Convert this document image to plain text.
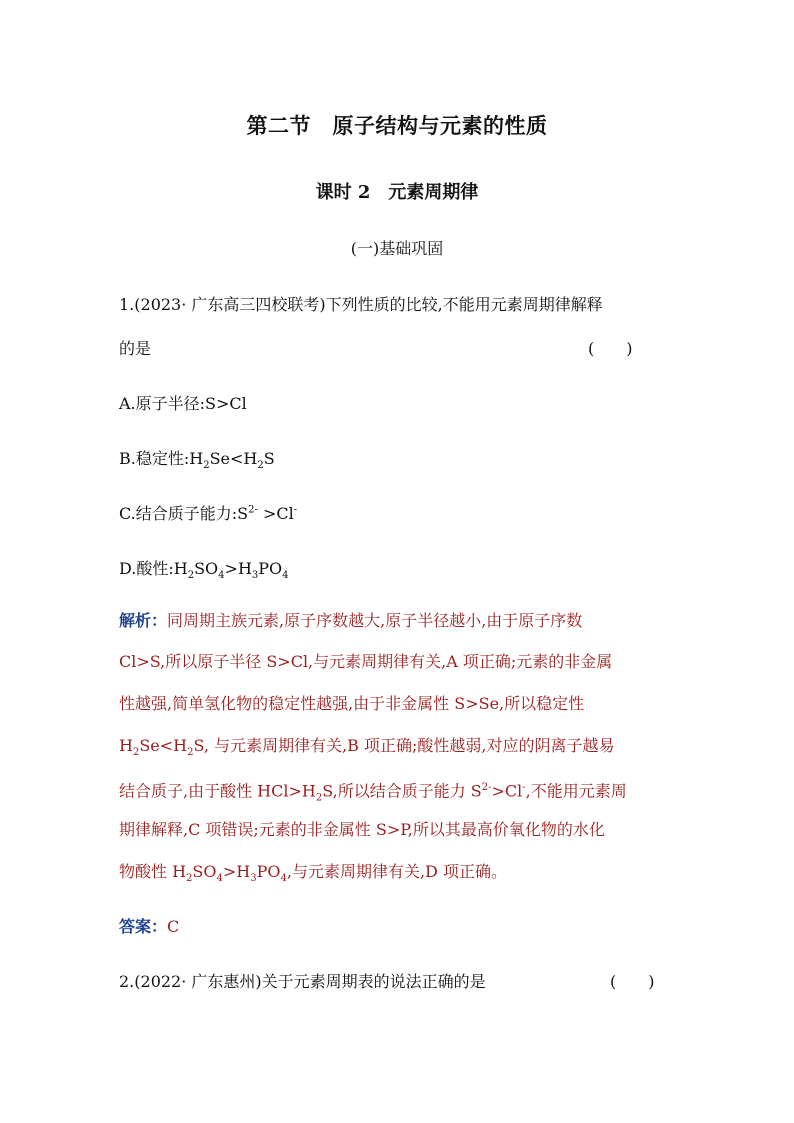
第二节　原子结构与元素的性质
课时 2　元素周期律
(一)基础巩固
1.(2023· 广东高三四校联考)下列性质的比较,不能用元素周期律解释
的是	(　　)
A.原子半径:S>Cl
B.稳定性$:H_2Se<H_2S$
C.结合质子能力$:S^{2-} >Cl^-$
D.酸性$:H_2SO_4>H_3PO_4$
解析：同周期主族元素,原子序数越大,原子半径越小,由于原子序数
Cl>S,所以原子半径 S>Cl,与元素周期律有关,A 项正确;元素的非金属
性越强,简单氢化物的稳定性越强,由于非金属性 S>Se,所以稳定性
$H_2Se<H_2S$, 与元素周期律有关,B 项正确;酸性越弱,对应的阴离子越易
结合质子,由于酸性 $HCl>H_2S$,所以结合质子能力 $S^{2-}>Cl^-$,不能用元素周
期律解释,C 项错误;元素的非金属性 S>P,所以其最高价氧化物的水化
物酸性 $H_2SO_4>H_3PO_4$,与元素周期律有关,D 项正确。
答案：C
2.(2022· 广东惠州)关于元素周期表的说法正确的是	(　　)
